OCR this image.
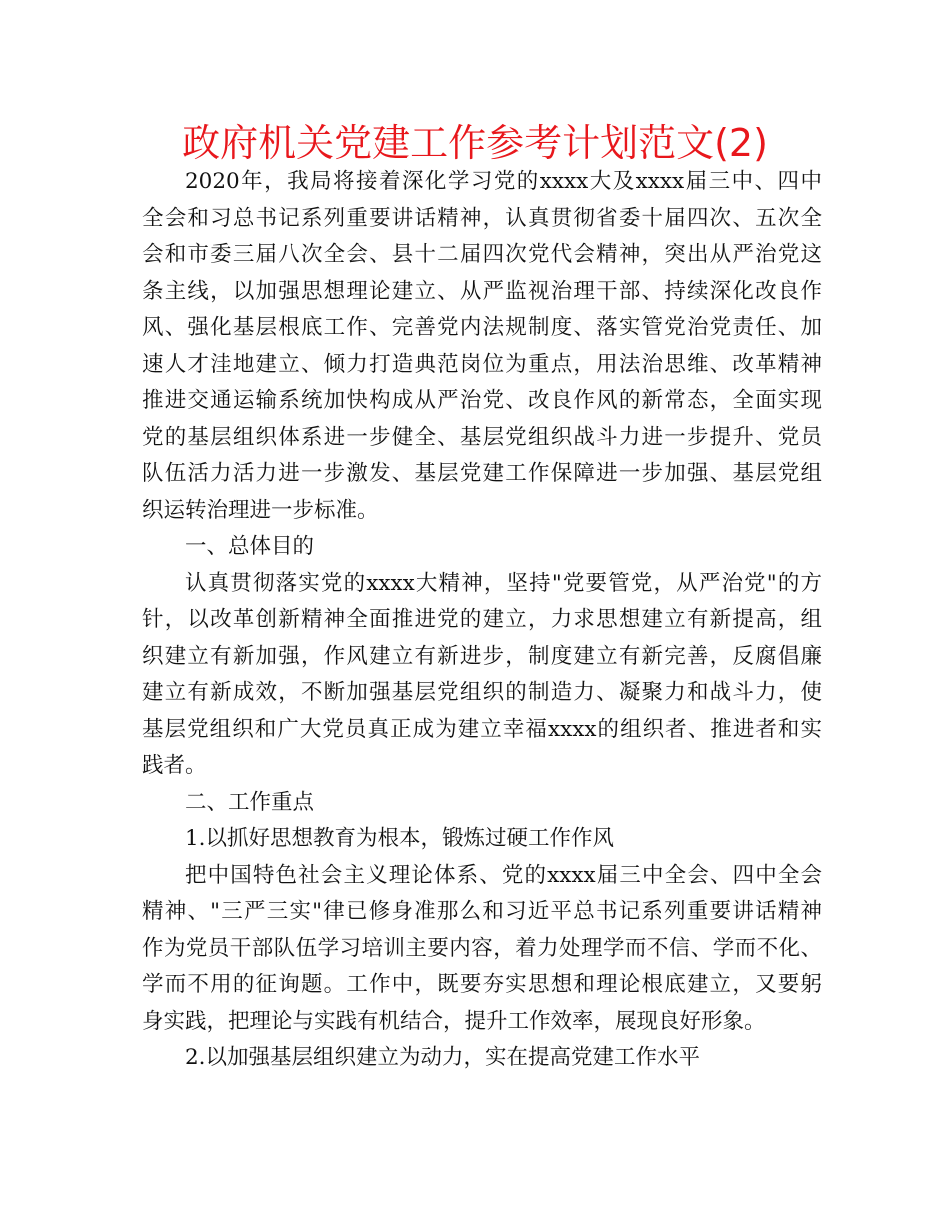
政府机关党建工作参考计划范文(2)
2020年，我局将接着深化学习党的xxxx大及xxxx届三中、四中
全会和习总书记系列重要讲话精神，认真贯彻省委十届四次、五次全
会和市委三届八次全会、县十二届四次党代会精神，突出从严治党这
条主线，以加强思想理论建立、从严监视治理干部、持续深化改良作
风、强化基层根底工作、完善党内法规制度、落实管党治党责任、加
速人才洼地建立、倾力打造典范岗位为重点，用法治思维、改革精神
推进交通运输系统加快构成从严治党、改良作风的新常态，全面实现
党的基层组织体系进一步健全、基层党组织战斗力进一步提升、党员
队伍活力活力进一步激发、基层党建工作保障进一步加强、基层党组
织运转治理进一步标准。
一、总体目的
认真贯彻落实党的xxxx大精神，坚持"党要管党，从严治党"的方
针，以改革创新精神全面推进党的建立，力求思想建立有新提高，组
织建立有新加强，作风建立有新进步，制度建立有新完善，反腐倡廉
建立有新成效，不断加强基层党组织的制造力、凝聚力和战斗力，使
基层党组织和广大党员真正成为建立幸福xxxx的组织者、推进者和实
践者。
二、工作重点
1.以抓好思想教育为根本，锻炼过硬工作作风
把中国特色社会主义理论体系、党的xxxx届三中全会、四中全会
精神、"三严三实"律已修身准那么和习近平总书记系列重要讲话精神
作为党员干部队伍学习培训主要内容，着力处理学而不信、学而不化、
学而不用的征询题。工作中，既要夯实思想和理论根底建立，又要躬
身实践，把理论与实践有机结合，提升工作效率，展现良好形象。
2.以加强基层组织建立为动力，实在提高党建工作水平
